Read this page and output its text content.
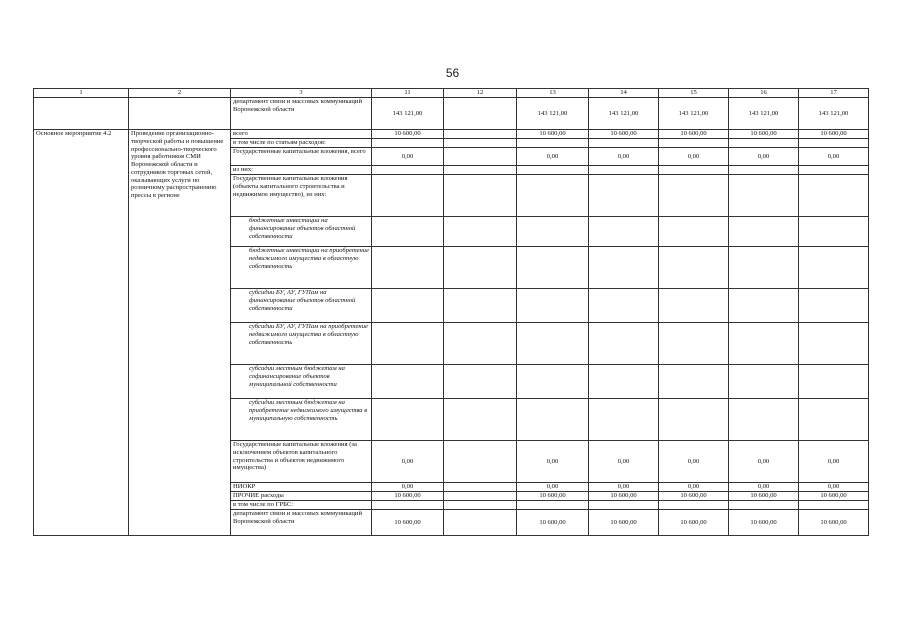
56
1	2	3	11	12	13	14	15	16	17
		департамент связи и массовых коммуникаций Воронежской области	143 121,00		143 121,00	143 121,00	143 121,00	143 121,00	143 121,00
Основное мероприятие 4.2	Проведение организационно-творческой работы и повышение профессионально-творческого уровня работников СМИ Воронежской области и сотрудников торговых сетей, оказывающих услуги по розничному распространению прессы в регионе	всего	10 600,00		10 600,00	10 600,00	10 600,00	10 600,00	10 600,00
		в том числе по статьям расходов:							
		Государственные капитальные вложения, всего	0,00		0,00	0,00	0,00	0,00	0,00
		из них:							
		Государственные капитальные вложения (объекты капитального строительства и недвижимое имущество), из них:							
		бюджетные инвестиции на финансирование объектов областной собственности							
		бюджетные инвестиции на приобретение недвижимого имущества в областную собственность							
		субсидии БУ, АУ, ГУПам на финансирование объектов областной собственности							
		субсидии БУ, АУ, ГУПам на приобретение недвижимого имущества в областную собственность							
		субсидии местным бюджетам на софинансирование объектов муниципальной собственности							
		субсидии местным бюджетам на приобретение недвижимого имущества в муниципальную собственность							
		Государственные капитальные вложения (за исключением объектов капитального строительства и объектов недвижимого имущества)	0,00		0,00	0,00	0,00	0,00	0,00
		НИОКР	0,00		0,00	0,00	0,00	0,00	0,00
		ПРОЧИЕ расходы	10 600,00		10 600,00	10 600,00	10 600,00	10 600,00	10 600,00
		в том числе по ГРБС:							
		департамент связи и массовых коммуникаций Воронежской области	10 600,00		10 600,00	10 600,00	10 600,00	10 600,00	10 600,00
